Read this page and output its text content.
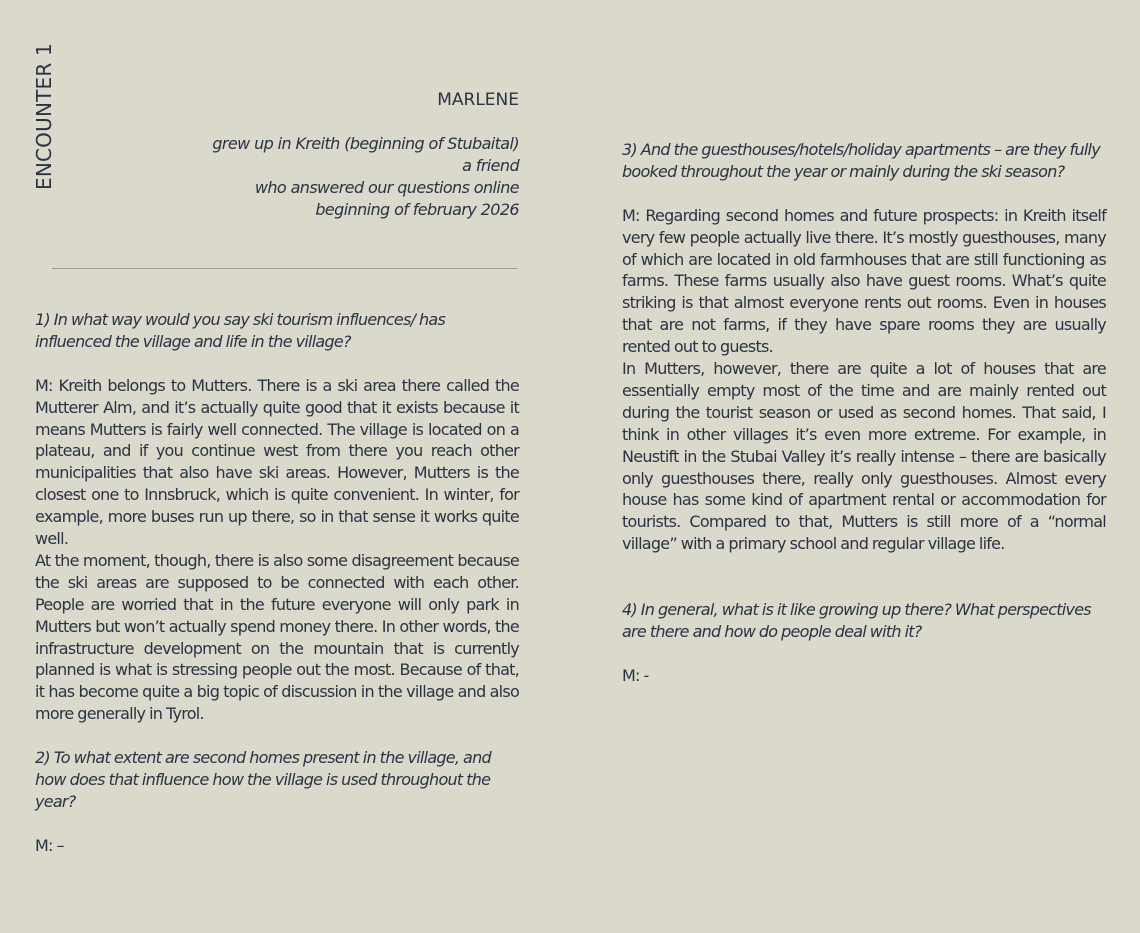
ENCOUNTER 1	MARLENE
grew up in Kreith (beginning of Stubaital)
a friend
who answered our questions online
beginning of february 2026

1) In what way would you say ski tourism influences/ has influenced the village and life in the village?

M: Kreith belongs to Mutters. There is a ski area there called the Mutterer Alm, and it’s actually quite good that it exists because it means Mutters is fairly well connected. The village is located on a plateau, and if you continue west from there you reach other municipalities that also have ski areas. However, Mutters is the closest one to Innsbruck, which is quite convenient. In winter, for example, more buses run up there, so in that sense it works quite well.

At the moment, though, there is also some disagreement because the ski areas are supposed to be connected with each other. People are worried that in the future everyone will only park in Mutters but won’t actually spend money there. In other words, the infrastructure development on the mountain that is currently planned is what is stressing people out the most. Because of that, it has become quite a big topic of discussion in the village and also more generally in Tyrol.

2) To what extent are second homes present in the village, and how does that influence how the village is used throughout the year?

M: –

3) And the guesthouses/hotels/holiday apartments – are they fully booked throughout the year or mainly during the ski season?

M: Regarding second homes and future prospects: in Kreith itself very few people actually live there. It’s mostly guesthouses, many of which are located in old farmhouses that are still functioning as farms. These farms usually also have guest rooms. What’s quite striking is that almost everyone rents out rooms. Even in houses that are not farms, if they have spare rooms they are usually rented out to guests.

In Mutters, however, there are quite a lot of houses that are essentially empty most of the time and are mainly rented out during the tourist season or used as second homes. That said, I think in other villages it’s even more extreme. For example, in Neustift in the Stubai Valley it’s really intense – there are basically only guesthouses there, really only guesthouses. Almost every house has some kind of apartment rental or accommodation for tourists. Compared to that, Mutters is still more of a “normal village” with a primary school and regular village life.

4) In general, what is it like growing up there? What perspectives are there and how do people deal with it?

M: -
